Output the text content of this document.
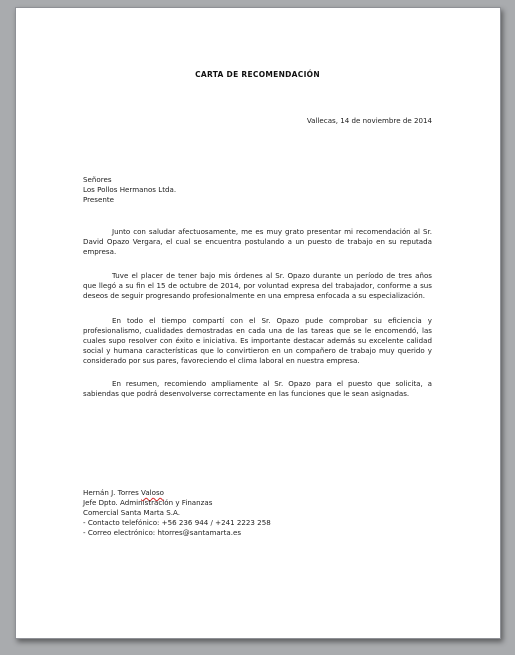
CARTA DE RECOMENDACIÓN
Vallecas, 14 de noviembre de 2014
Señores
Los Pollos Hermanos Ltda.
Presente

Junto con saludar afectuosamente, me es muy grato presentar mi recomendación al Sr. David Opazo Vergara, el cual se encuentra postulando a un puesto de trabajo en su reputada empresa.

Tuve el placer de tener bajo mis órdenes al Sr. Opazo durante un período de tres años que llegó a su fin el 15 de octubre de 2014, por voluntad expresa del trabajador, conforme a sus deseos de seguir progresando profesionalmente en una empresa enfocada a su especialización.

En todo el tiempo compartí con el Sr. Opazo pude comprobar su eficiencia y profesionalismo, cualidades demostradas en cada una de las tareas que se le encomendó, las cuales supo resolver con éxito e iniciativa. Es importante destacar además su excelente calidad social y humana características que lo convirtieron en un compañero de trabajo muy querido y considerado por sus pares, favoreciendo el clima laboral en nuestra empresa.

En resumen, recomiendo ampliamente al Sr. Opazo para el puesto que solicita, a sabiendas que podrá desenvolverse correctamente en las funciones que le sean asignadas.

Hernán J. Torres Valoso
Jefe Dpto. Administración y Finanzas
Comercial Santa Marta S.A.
- Contacto telefónico: +56 236 944 / +241 2223 258
- Correo electrónico: htorres@santamarta.es
